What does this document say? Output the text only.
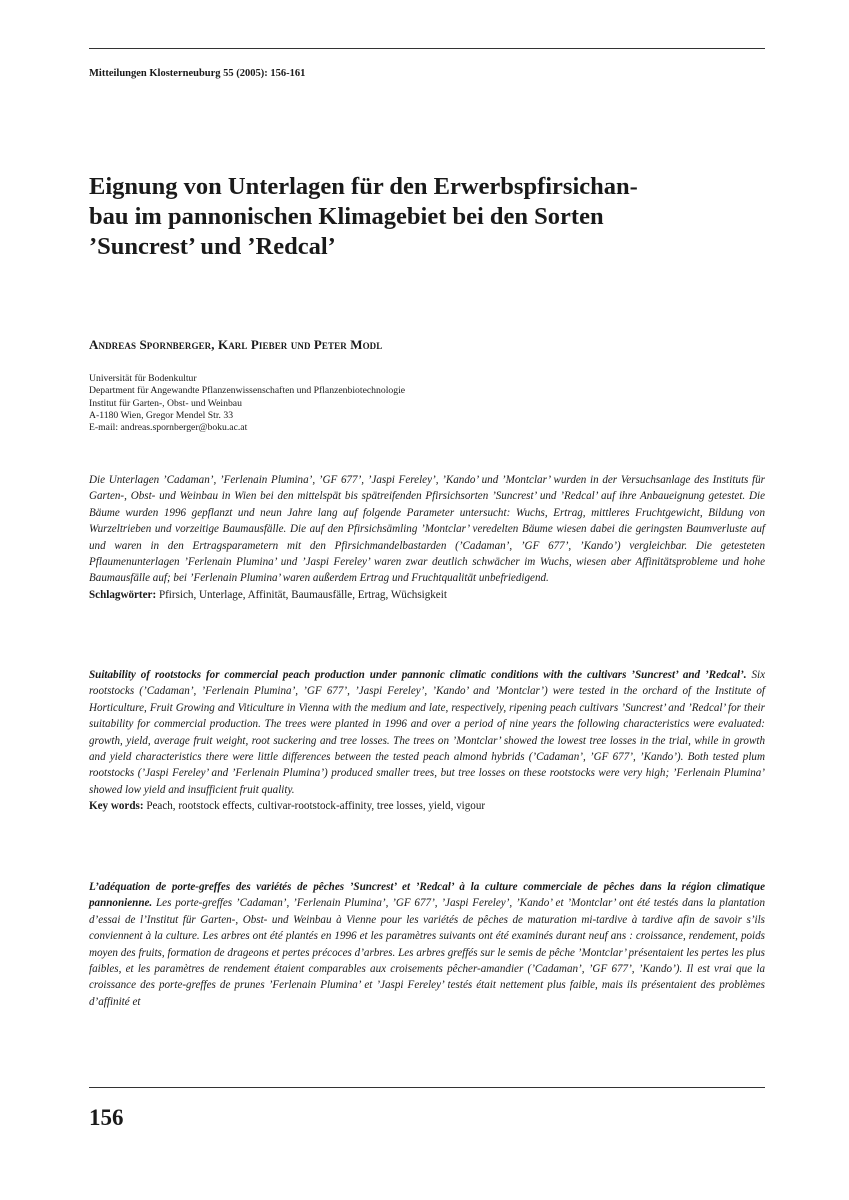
Mitteilungen Klosterneuburg 55 (2005): 156-161
Eignung von Unterlagen für den Erwerbspfirsichan-
bau im pannonischen Klimagebiet bei den Sorten
’Suncrest’ und ’Redcal’
Andreas Spornberger, Karl Pieber und Peter Modl
Universität für Bodenkultur
Department für Angewandte Pflanzenwissenschaften und Pflanzenbiotechnologie
Institut für Garten-, Obst- und Weinbau
A-1180 Wien, Gregor Mendel Str. 33
E-mail: andreas.spornberger@boku.ac.at

Die Unterlagen ’Cadaman’, ’Ferlenain Plumina’, ’GF 677’, ’Jaspi Fereley’, ’Kando’ und ’Montclar’ wurden in der Versuchsanlage des Instituts für Garten-, Obst- und Weinbau in Wien bei den mittelspät bis spätreifenden Pfirsichsorten ’Suncrest’ und ’Redcal’ auf ihre Anbaueignung getestet. Die Bäume wurden 1996 gepflanzt und neun Jahre lang auf folgende Parameter untersucht: Wuchs, Ertrag, mittleres Fruchtgewicht, Bildung von Wurzeltrieben und vorzeitige Baumausfälle. Die auf den Pfirsichsämling ’Montclar’ veredelten Bäume wiesen dabei die geringsten Baumverluste auf und waren in den Ertragsparametern mit den Pfirsichmandelbastarden (’Cadaman’, ’GF 677’, ’Kando’) vergleichbar. Die getesteten Pflaumenunterlagen ’Ferlenain Plumina’ und ’Jaspi Fereley’ waren zwar deutlich schwächer im Wuchs, wiesen aber Affinitätsprobleme und hohe Baumausfälle auf; bei ’Ferlenain Plumina’ waren außerdem Ertrag und Fruchtqualität unbefriedigend.

Schlagwörter: Pfirsich, Unterlage, Affinität, Baumausfälle, Ertrag, Wüchsigkeit

Suitability of rootstocks for commercial peach production under pannonic climatic conditions with the cultivars ’Suncrest’ and ’Redcal’. Six rootstocks (’Cadaman’, ’Ferlenain Plumina’, ’GF 677’, ’Jaspi Fereley’, ’Kando’ and ’Montclar’) were tested in the orchard of the Institute of Horticulture, Fruit Growing and Viticulture in Vienna with the medium and late, respectively, ripening peach cultivars ’Suncrest’ and ’Redcal’ for their suitability for commercial production. The trees were planted in 1996 and over a period of nine years the following characteristics were evaluated: growth, yield, average fruit weight, root suckering and tree losses. The trees on ’Montclar’ showed the lowest tree losses in the trial, while in growth and yield characteristics there were little differences between the tested peach almond hybrids (’Cadaman’, ’GF 677’, ’Kando’). Both tested plum rootstocks (’Jaspi Fereley’ and ’Ferlenain Plumina’) produced smaller trees, but tree losses on these rootstocks were very high; ’Ferlenain Plumina’ showed low yield and insufficient fruit quality.

Key words: Peach, rootstock effects, cultivar-rootstock-affinity, tree losses, yield, vigour

L’adéquation de porte-greffes des variétés de pêches ’Suncrest’ et ’Redcal’ à la culture commerciale de pêches dans la région climatique pannonienne. Les porte-greffes ’Cadaman’, ’Ferlenain Plumina’, ’GF 677’, ’Jaspi Fereley’, ’Kando’ et ’Montclar’ ont été testés dans la plantation d’essai de l’Institut für Garten-, Obst- und Weinbau à Vienne pour les variétés de pêches de maturation mi-tardive à tardive afin de savoir s’ils conviennent à la culture. Les arbres ont été plantés en 1996 et les paramètres suivants ont été examinés durant neuf ans : croissance, rendement, poids moyen des fruits, formation de drageons et pertes précoces d’arbres. Les arbres greffés sur le semis de pêche ’Montclar’ présentaient les pertes les plus faibles, et les paramètres de rendement étaient comparables aux croisements pêcher-amandier (’Cadaman’, ’GF 677’, ’Kando’). Il est vrai que la croissance des porte-greffes de prunes ’Ferlenain Plumina’ et ’Jaspi Fereley’ testés était nettement plus faible, mais ils présentaient des problèmes d’affinité et

156
